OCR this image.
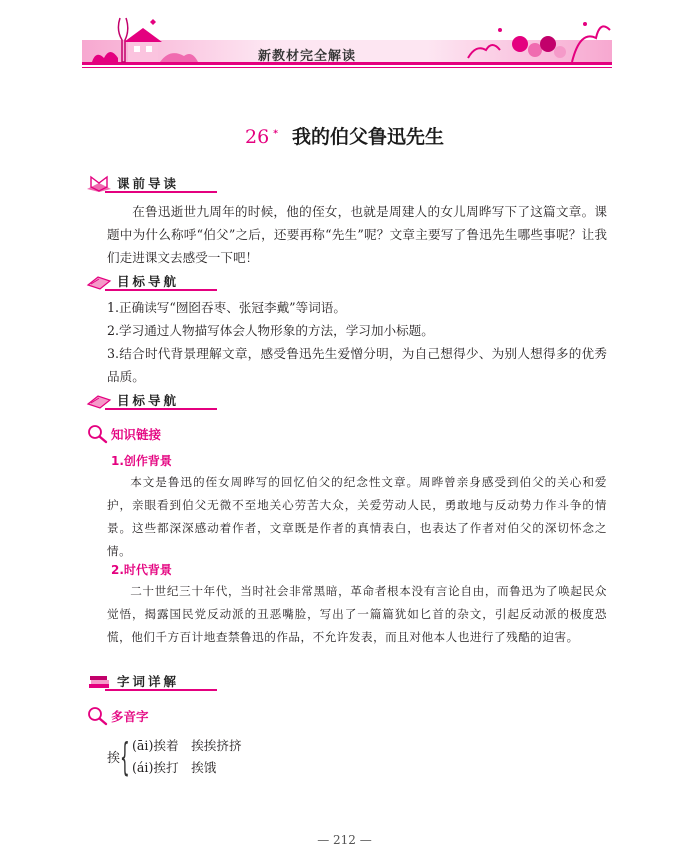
新教材完全解读
26 * 我的伯父鲁迅先生
课前导读
在鲁迅逝世九周年的时候，他的侄女，也就是周建人的女儿周晔写下了这篇文章。课题中为什么称呼“伯父”之后，还要再称“先生”呢？文章主要写了鲁迅先生哪些事呢？让我们走进课文去感受一下吧！
目标导航
1.正确读写“囫囵吞枣、张冠李戴”等词语。
2.学习通过人物描写体会人物形象的方法，学习加小标题。
3.结合时代背景理解文章，感受鲁迅先生爱憎分明，为自己想得少、为别人想得多的优秀品质。
目标导航
知识链接
1.创作背景
本文是鲁迅的侄女周晔写的回忆伯父的纪念性文章。周晔曾亲身感受到伯父的关心和爱护，亲眼看到伯父无微不至地关心劳苦大众，关爱劳动人民，勇敢地与反动势力作斗争的情景。这些都深深感动着作者，文章既是作者的真情表白，也表达了作者对伯父的深切怀念之情。
2.时代背景
二十世纪三十年代，当时社会非常黑暗，革命者根本没有言论自由，而鲁迅为了唤起民众觉悟，揭露国民党反动派的丑恶嘴脸，写出了一篇篇犹如匕首的杂文，引起反动派的极度恐慌，他们千方百计地查禁鲁迅的作品，不允许发表，而且对他本人也进行了残酷的迫害。
字词详解
多音字
挨 { (āi)挨着　挨挨挤挤
(ái)挨打　挨饿
— 212 —
